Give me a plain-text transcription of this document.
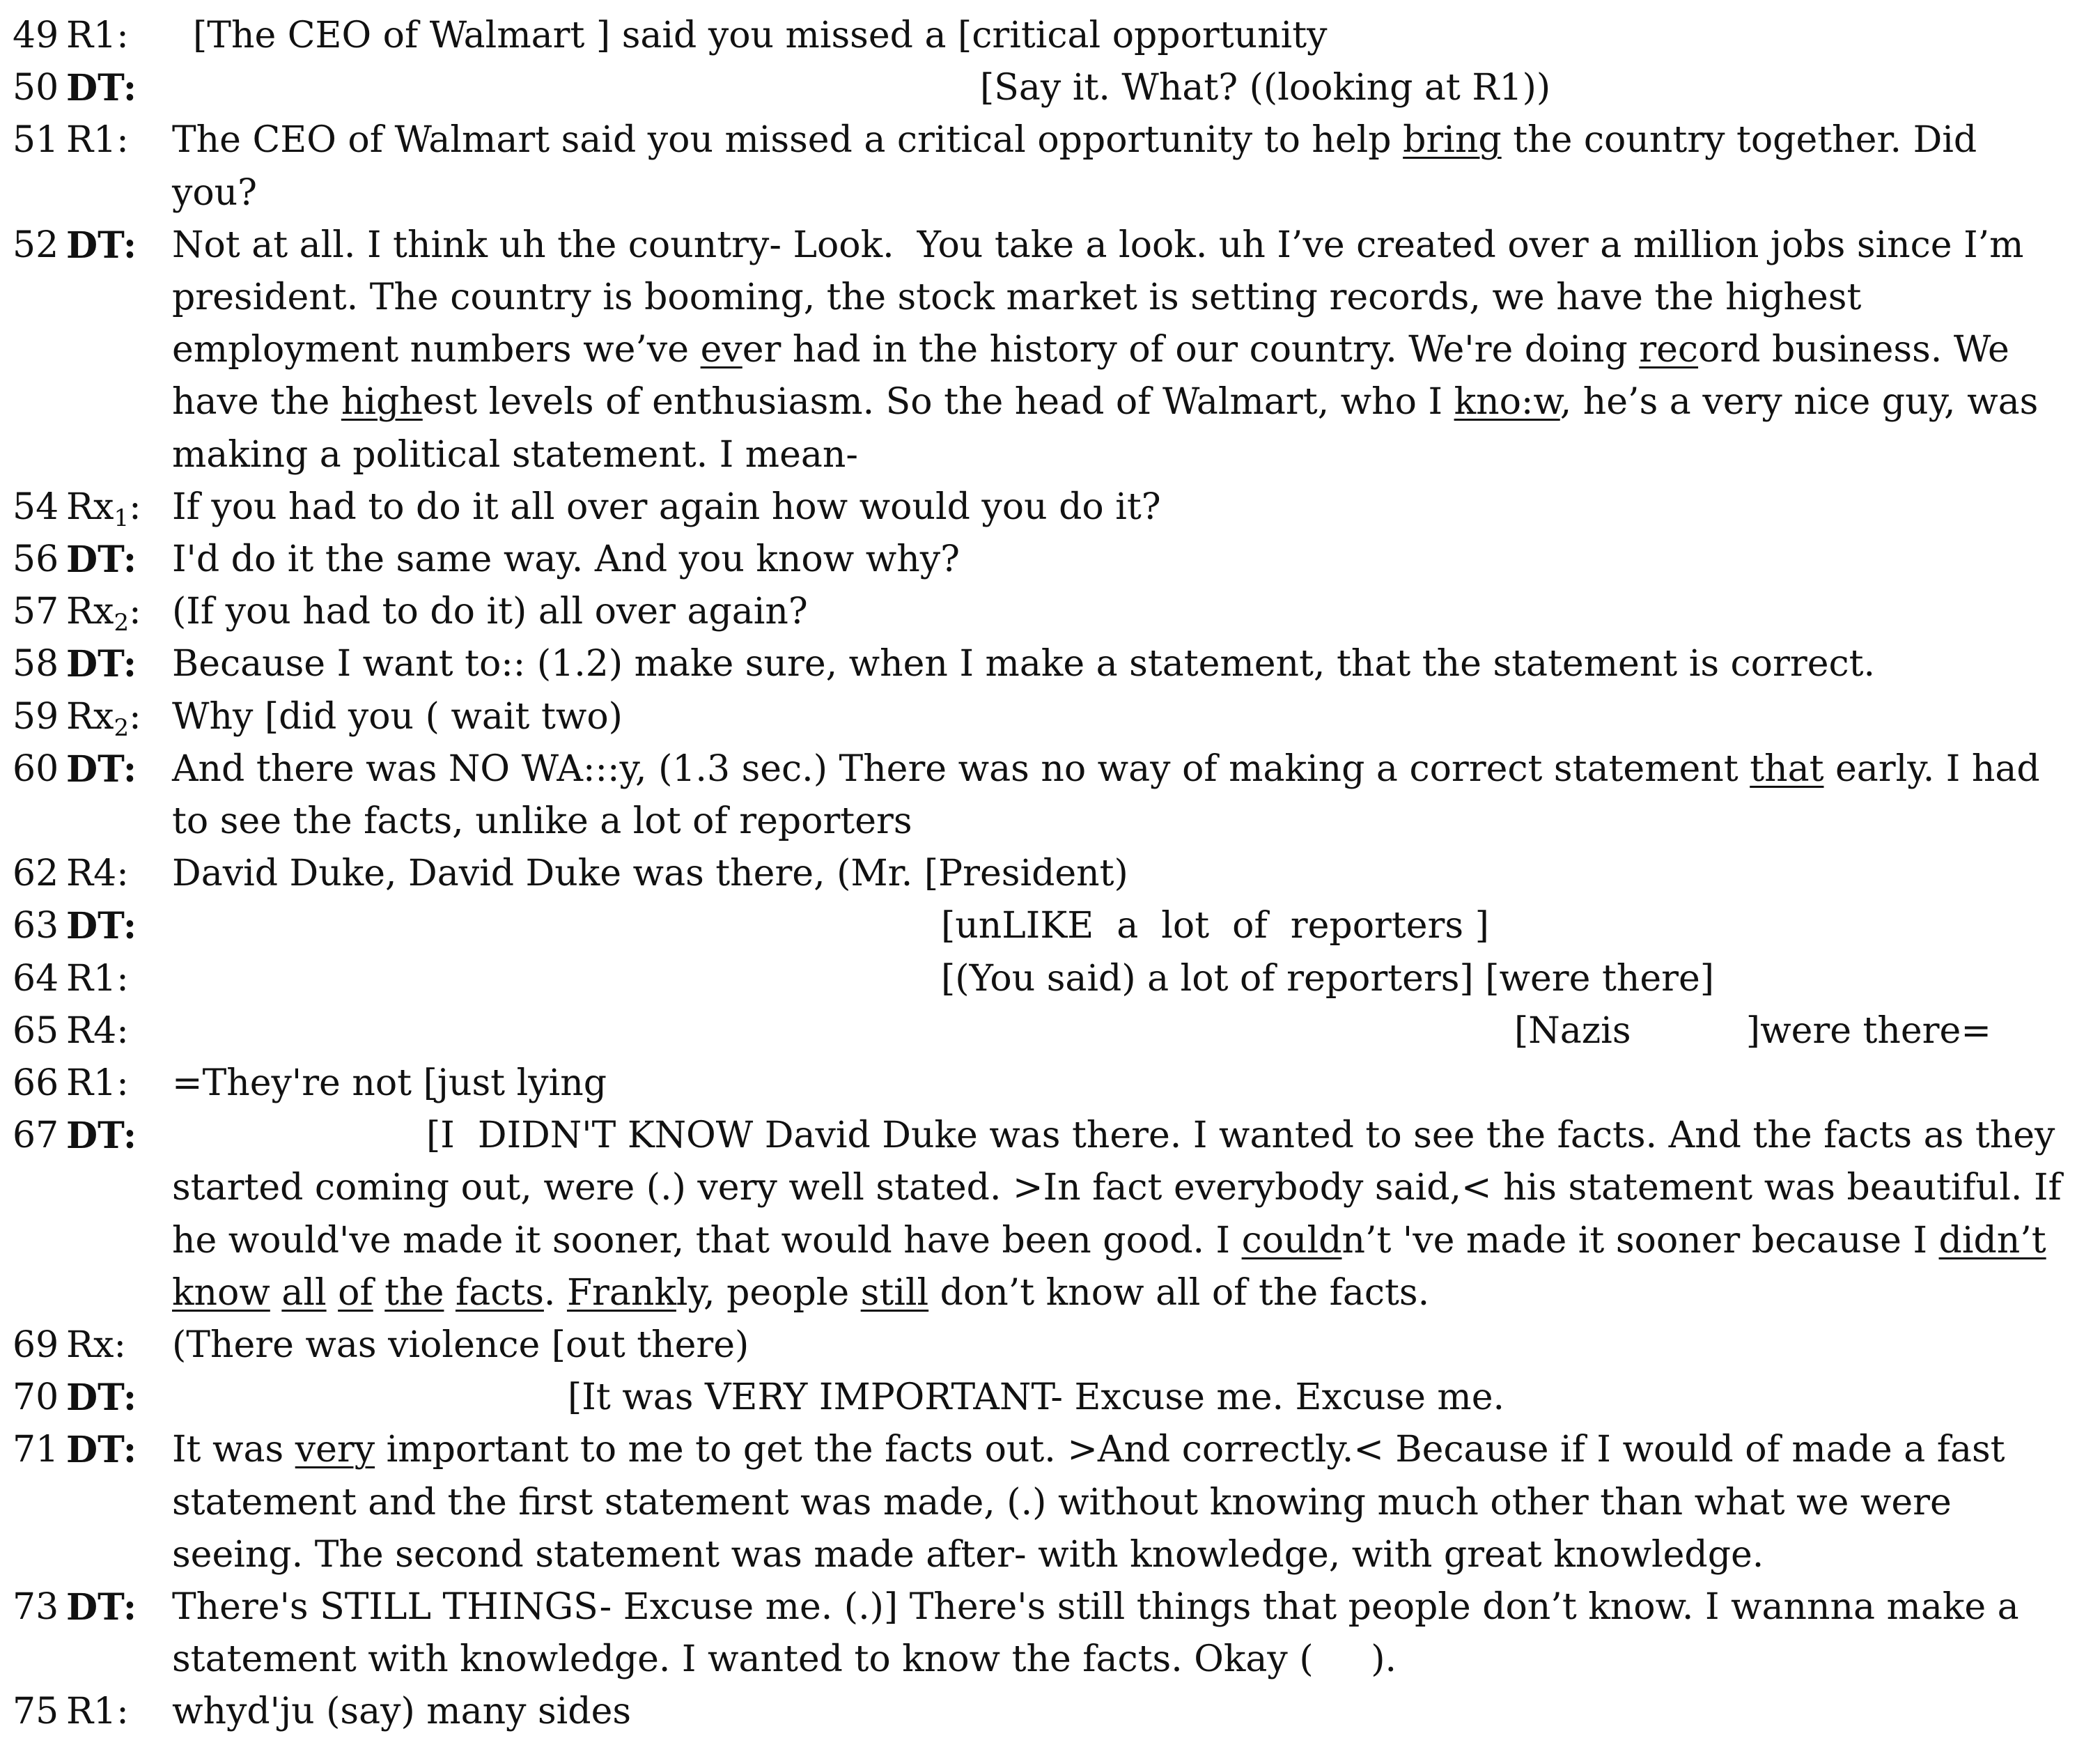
49 R1: [The CEO of Walmart ] said you missed a [critical opportunity
50 DT:	[Say it. What? ((looking at R1))
51 R1: The CEO of Walmart said you missed a critical opportunity to help bring the country together. Did
you?
52 DT: Not at all. I think uh the country- Look.  You take a look. uh I’ve created over a million jobs since I’m
president. The country is booming, the stock market is setting records, we have the highest
employment numbers we’ve ever had in the history of our country. We're doing record business. We
have the highest levels of enthusiasm. So the head of Walmart, who I kno:w, he’s a very nice guy, was
making a political statement. I mean-
54 $Rx_1$: If you had to do it all over again how would you do it?
56 DT: I'd do it the same way. And you know why?
57 $Rx_2$: (If you had to do it) all over again?
58 DT: Because I want to:: (1.2) make sure, when I make a statement, that the statement is correct.
59 $Rx_2$: Why [did you ( wait two)
60 DT: And there was NO WA:::y, (1.3 sec.) There was no way of making a correct statement that early. I had
to see the facts, unlike a lot of reporters
62 R4: David Duke, David Duke was there, (Mr. [President)
63 DT:	[unLIKE  a  lot  of  reporters ]
64 R1:	[(You said) a lot of reporters] [were there]
65 R4:	[Nazis          ]were there=
66 R1: =They're not [just lying
67 DT:	[I  DIDN'T KNOW David Duke was there. I wanted to see the facts. And the facts as they
started coming out, were (.) very well stated. >In fact everybody said,< his statement was beautiful. If
he would've made it sooner, that would have been good. I couldn’t 've made it sooner because I didn’t
know all of the facts. Frankly, people still don’t know all of the facts.
69 Rx: (There was violence [out there)
70 DT:	[It was VERY IMPORTANT- Excuse me. Excuse me.
71 DT: It was very important to me to get the facts out. >And correctly.< Because if I would of made a fast
statement and the first statement was made, (.) without knowing much other than what we were
seeing. The second statement was made after- with knowledge, with great knowledge.
73 DT: There's STILL THINGS- Excuse me. (.)] There's still things that people don’t know. I wannna make a
statement with knowledge. I wanted to know the facts. Okay (     ).
75 R1: whyd'ju (say) many sides
